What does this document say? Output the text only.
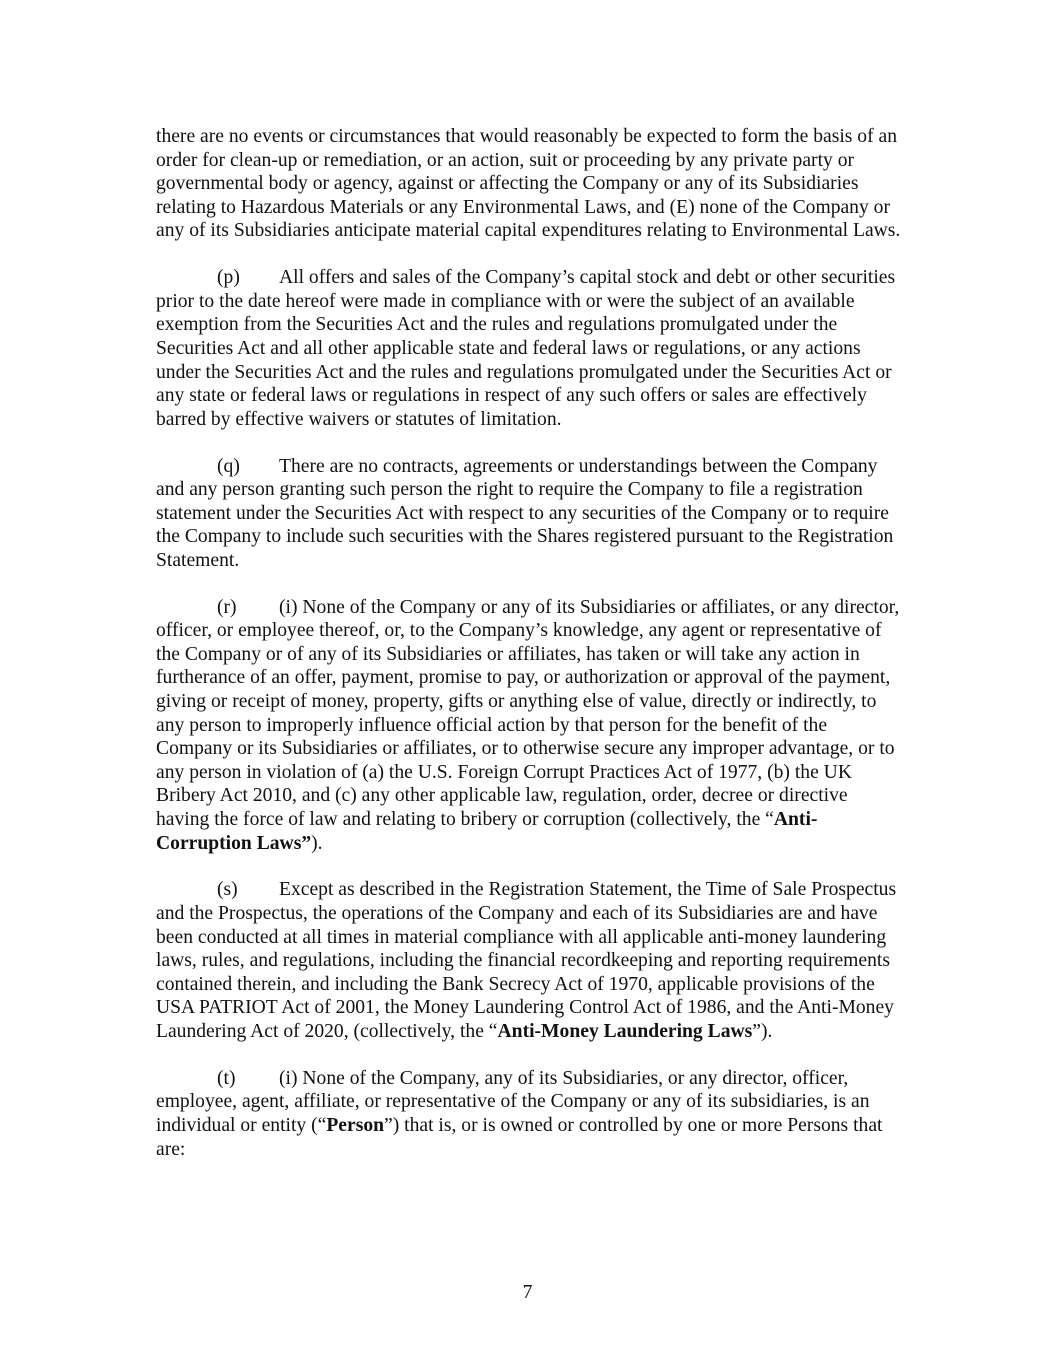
there are no events or circumstances that would reasonably be expected to form the basis of an order for clean-up or remediation, or an action, suit or proceeding by any private party or governmental body or agency, against or affecting the Company or any of its Subsidiaries relating to Hazardous Materials or any Environmental Laws, and (E) none of the Company or any of its Subsidiaries anticipate material capital expenditures relating to Environmental Laws.

(p) All offers and sales of the Company’s capital stock and debt or other securities prior to the date hereof were made in compliance with or were the subject of an available exemption from the Securities Act and the rules and regulations promulgated under the Securities Act and all other applicable state and federal laws or regulations, or any actions under the Securities Act and the rules and regulations promulgated under the Securities Act or any state or federal laws or regulations in respect of any such offers or sales are effectively barred by effective waivers or statutes of limitation.

(q) There are no contracts, agreements or understandings between the Company and any person granting such person the right to require the Company to file a registration statement under the Securities Act with respect to any securities of the Company or to require the Company to include such securities with the Shares registered pursuant to the Registration Statement.

(r) (i) None of the Company or any of its Subsidiaries or affiliates, or any director, officer, or employee thereof, or, to the Company’s knowledge, any agent or representative of the Company or of any of its Subsidiaries or affiliates, has taken or will take any action in furtherance of an offer, payment, promise to pay, or authorization or approval of the payment, giving or receipt of money, property, gifts or anything else of value, directly or indirectly, to any person to improperly influence official action by that person for the benefit of the Company or its Subsidiaries or affiliates, or to otherwise secure any improper advantage, or to any person in violation of (a) the U.S. Foreign Corrupt Practices Act of 1977, (b) the UK Bribery Act 2010, and (c) any other applicable law, regulation, order, decree or directive having the force of law and relating to bribery or corruption (collectively, the “Anti-Corruption Laws”).

(s) Except as described in the Registration Statement, the Time of Sale Prospectus and the Prospectus, the operations of the Company and each of its Subsidiaries are and have been conducted at all times in material compliance with all applicable anti-money laundering laws, rules, and regulations, including the financial recordkeeping and reporting requirements contained therein, and including the Bank Secrecy Act of 1970, applicable provisions of the USA PATRIOT Act of 2001, the Money Laundering Control Act of 1986, and the Anti-Money Laundering Act of 2020, (collectively, the “Anti-Money Laundering Laws”).

(t) (i) None of the Company, any of its Subsidiaries, or any director, officer, employee, agent, affiliate, or representative of the Company or any of its subsidiaries, is an individual or entity (“Person”) that is, or is owned or controlled by one or more Persons that are:

7
